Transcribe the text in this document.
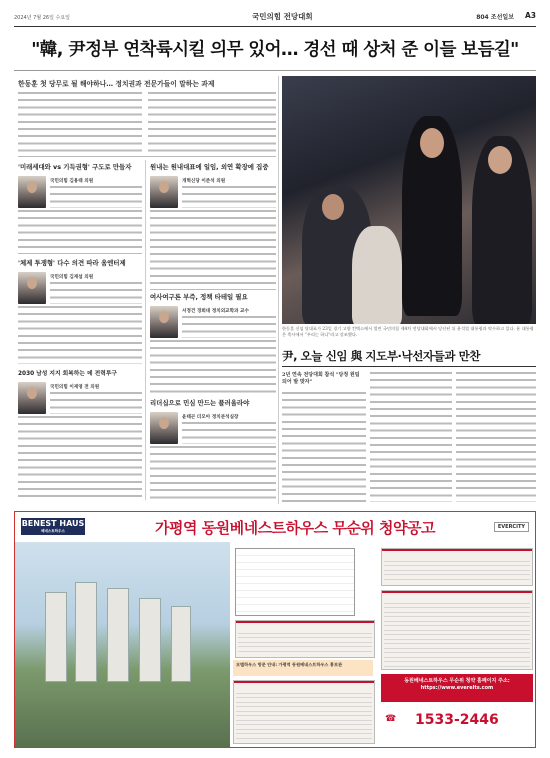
2024년 7월 26일 수요일	국민의힘 전당대회	804 조선일보 A3
"韓, 尹정부 연착륙시킬 의무 있어… 경선 때 상처 준 이들 보듬길"
한동훈 첫 당무로 될 해야하나… 정치권과 전문가들이 말하는 과제
'미래세대와 vs 기득권형' 구도로 만들자
국민의힘 김용태 의원
'체제 투쟁형' 다수 의견 따라 움엔터제
국민의힘 김재섭 의원
2030 남성 지지 회복하는 데 전력투구
국민의힘 이재영 전 의원
원내는 원내대표에 일임, 외연 확장에 집중
개혁신당 이준석 의원
여사여구론 부즉, 정책 타테일 필요
서정건 경희대 정치외교학과 교수
리더십으로 민심 만드는 플러올라야
윤태곤 더모아 정치분석실장
한동훈 신임 당대표가 23일 경기 고양 킨텍스에서 열린 국민의힘 제4차 전당대회에서 당선된 뒤 윤석열 대통령과 악수하고 있다. 윤 대통령은 축사에서 "우리는 하나"라고 강조했다.
尹, 오늘 신임 與 지도부·낙선자들과 만찬
2년 연속 전당대회 참석 "당정 원팀 되어 발 맞자"
BENEST HAUS
베네스트하우스	가평역 동원베네스트하우스 무순위 청약공고	EVERCITY
모델하우스 방문 안내: 가평역 동원베네스트하우스 홍보관
동원베네스트하우스 무순위 청약 홈페이지 주소: https://www.everelts.com
☎ 1533-2446
